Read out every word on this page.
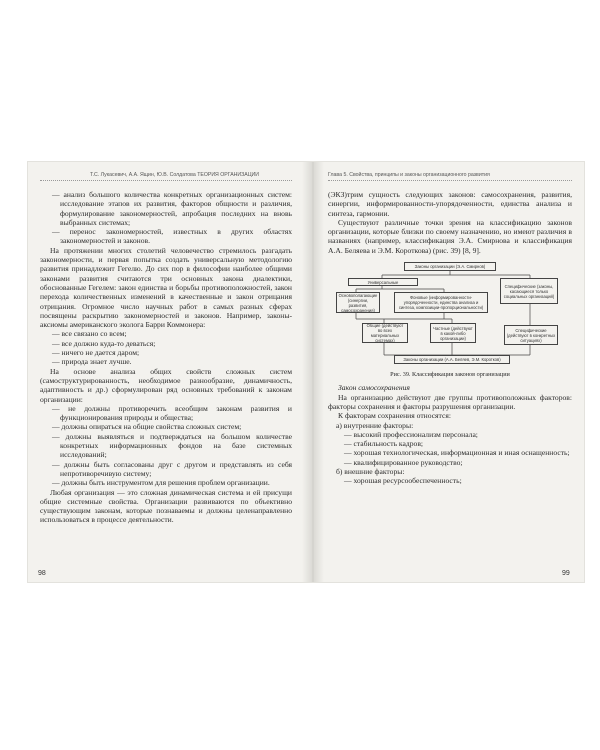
Т.С. Лукасевич, А.А. Ящин, Ю.В. Солдатова ТЕОРИЯ ОРГАНИЗАЦИИ

— анализ большого количества конкретных организационных систем: исследование этапов их развития, факторов общности и различия, формулирование закономерностей, апробация последних на вновь выбранных системах;

— перенос закономерностей, известных в других областях закономерностей и законов.

На протяжении многих столетий человечество стремилось разгадать закономерности, и первая попытка создать универсальную методологию развития принадлежит Гегелю. До сих пор в философии наиболее общими законами развития считаются три основных закона диалектики, обоснованные Гегелем: закон единства и борьбы противоположностей, закон перехода количественных изменений в качественные и закон отрицания отрицания. Огромное число научных работ в самых разных сферах посвящены раскрытию закономерностей и законов. Например, законы-аксиомы американского эколога Барри Коммонера:

— все связано со всем;

— все должно куда-то деваться;

— ничего не дается даром;

— природа знает лучше.

На основе анализа общих свойств сложных систем (самоструктурированность, необходимое разнообразие, динамичность, адаптивность и др.) сформулирован ряд основных требований к законам организации:

— не должны противоречить всеобщим законам развития и функционирования природы и общества;

— должны опираться на общие свойства сложных систем;

— должны выявляться и подтверждаться на большом количестве конкретных информационных фондов на базе системных исследований;

— должны быть согласованы друг с другом и представлять из себя непротиворечивую систему;

— должны быть инструментом для решения проблем организации.

Любая организация — это сложная динамическая система и ей присущи общие системные свойства. Организации развиваются по объективно существующим законам, которые познаваемы и должны целенаправленно использоваться в процессе деятельности.

98
Глава 5. Свойства, принципы и законы организационного развития

(ЭКЗ)трим сущность следующих законов: самосохранения, развития, синергии, информированности-упорядоченности, единства анализа и синтеза, гармонии.

Существуют различные точки зрения на классификацию законов организации, которые близки по своему назначению, но имеют различия в названиях (например, классификация Э.А. Смирнова и классификация А.А. Беляева и Э.М. Короткова) (рис. 39) [8, 9].

Законы организации (Э.А. Смирнов)
Универсальные
Специфические (законы, касающиеся только социальных организаций)
Основополагающие (синергии, развития, самосохранения)
Фоновые (информированности-упорядоченности, единства анализа и синтеза, композиции-пропорциональности)
Общие (действуют во всех материальных системах)
Частные (действуют в какой-либо организации)
Специфические (действуют в конкретных ситуациях)
Законы организации (А.А. Беляев, Э.М. Коротков)

Рис. 39. Классификация законов организации

Закон самосохранения

На организацию действуют две группы противоположных факторов: факторы сохранения и факторы разрушения организации.

К факторам сохранения относятся:

а) внутренние факторы:

— высокий профессионализм персонала;

— стабильность кадров;

— хорошая технологическая, информационная и иная оснащенность;

— квалифицированное руководство;

б) внешние факторы:

— хорошая ресурсообеспеченность;

99
